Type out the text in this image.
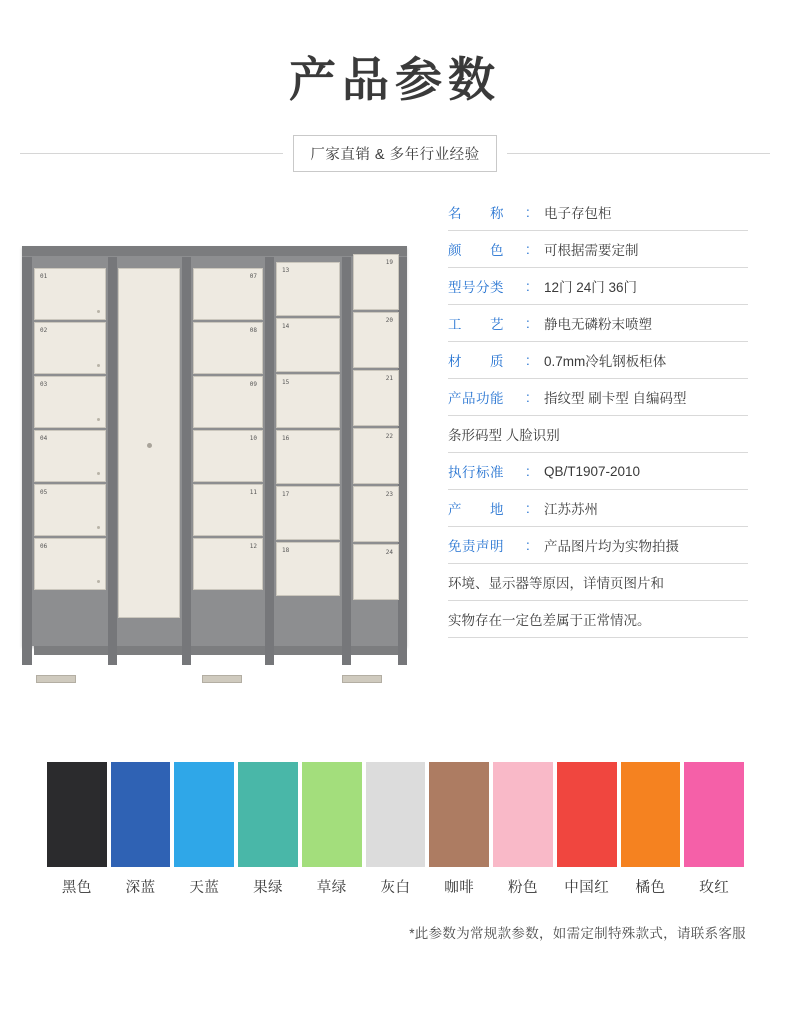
产品参数
厂家直销 & 多年行业经验
01
02
03
04
05
06
07
08
09
10
11
12
13
14
15
16
17
18
19
20
21
22
23
24
名　　称	:	电子存包柜
颜　　色	:	可根据需要定制
型号分类	:	12门 24门 36门
工　　艺	:	静电无磷粉末喷塑
材　　质	:	0.7mm冷轧钢板柜体
产品功能	:	指纹型 刷卡型 自编码型
条形码型 人脸识别
执行标准	:	QB/T1907-2010
产　　地	:	江苏苏州
免责声明	:	产品图片均为实物拍摄
环境、显示器等原因，详情页图片和
实物存在一定色差属于正常情况。
黑色	深蓝	天蓝	果绿	草绿	灰白	咖啡	粉色	中国红	橘色	玫红
*此参数为常规款参数，如需定制特殊款式，请联系客服
